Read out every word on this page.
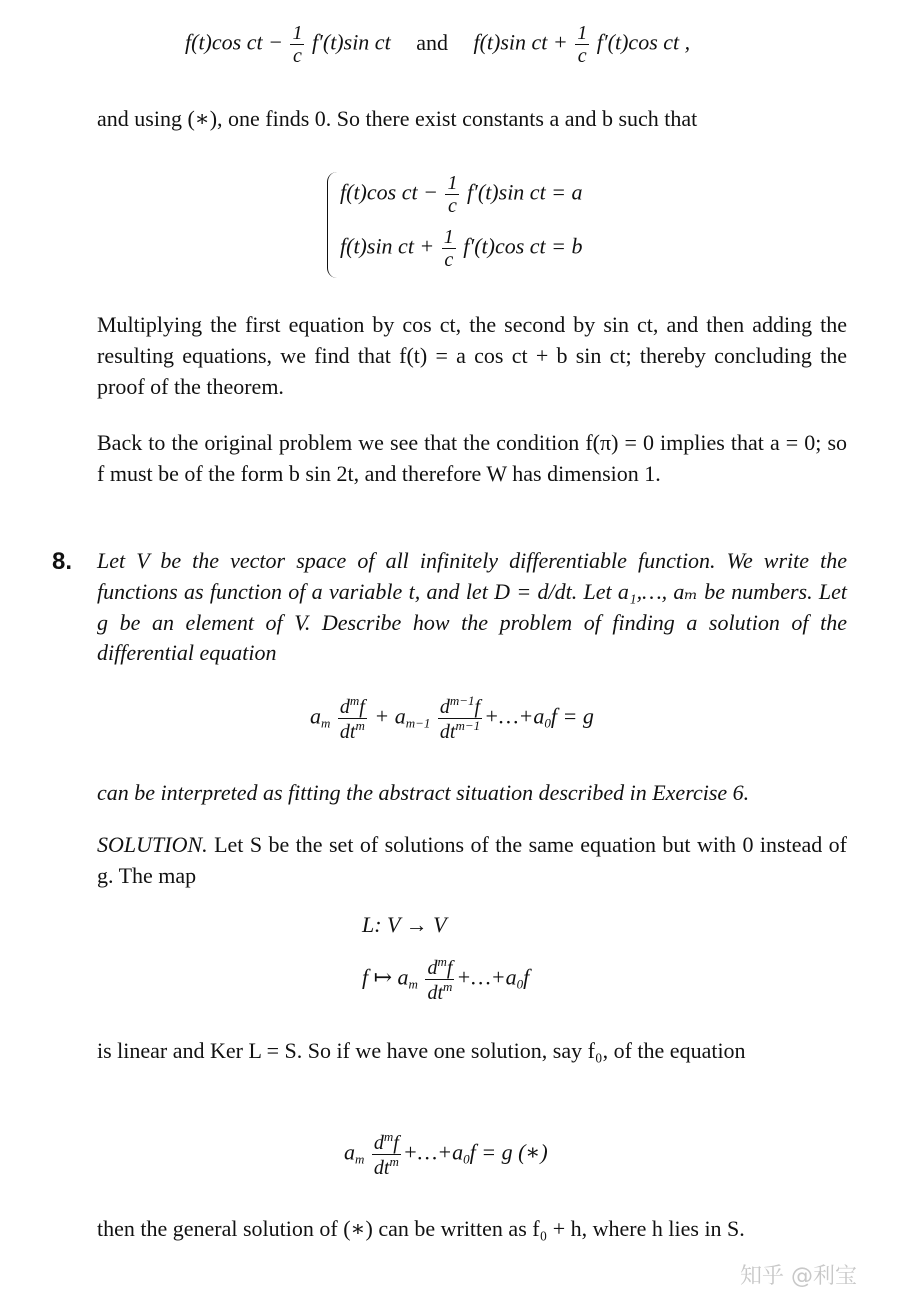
f(t)cos ct − $\frac{1}{c} f'(t)\sin$ ct and f(t)sin ct + $\frac{1}{c} f'(t)\cos$ ct ,
and using (∗), one finds 0. So there exist constants a and b such that
f(t)cos ct − $\frac{1}{c} f'(t)\sin$ ct = a
f(t)sin ct + $\frac{1}{c} f'(t)\cos$ ct = b
Multiplying the first equation by cos ct, the second by sin ct, and then adding the resulting equations, we find that f(t) = a cos ct + b sin ct; thereby concluding the proof of the theorem.
Back to the original problem we see that the condition f(π) = 0 implies that a = 0; so f must be of the form b sin 2t, and therefore W has dimension 1.
8. Let V be the vector space of all infinitely differentiable function. We write the functions as function of a variable t, and let D = d/dt. Let a₁,…, aₘ be numbers. Let g be an element of V. Describe how the problem of finding a solution of the differential equation
$a_m \frac{d^mf}{dt^m} + a_{m-1} \frac{d^{m-1}f}{dt^{m-1}}$ $+\dots+a_0f = g$
can be interpreted as fitting the abstract situation described in Exercise 6.
SOLUTION. Let S be the set of solutions of the same equation but with 0 instead of g. The map
L: V → V
f ↦ $a_m \frac{d^mf}{dt^m}$ $+\dots+a_0f$
is linear and Ker L = S. So if we have one solution, say f₀, of the equation
$a_m \frac{d^mf}{dt^m}$ $+\dots+a_0f = g$ (∗)
then the general solution of (∗) can be written as f₀ + h, where h lies in S.
知乎 @利宝
